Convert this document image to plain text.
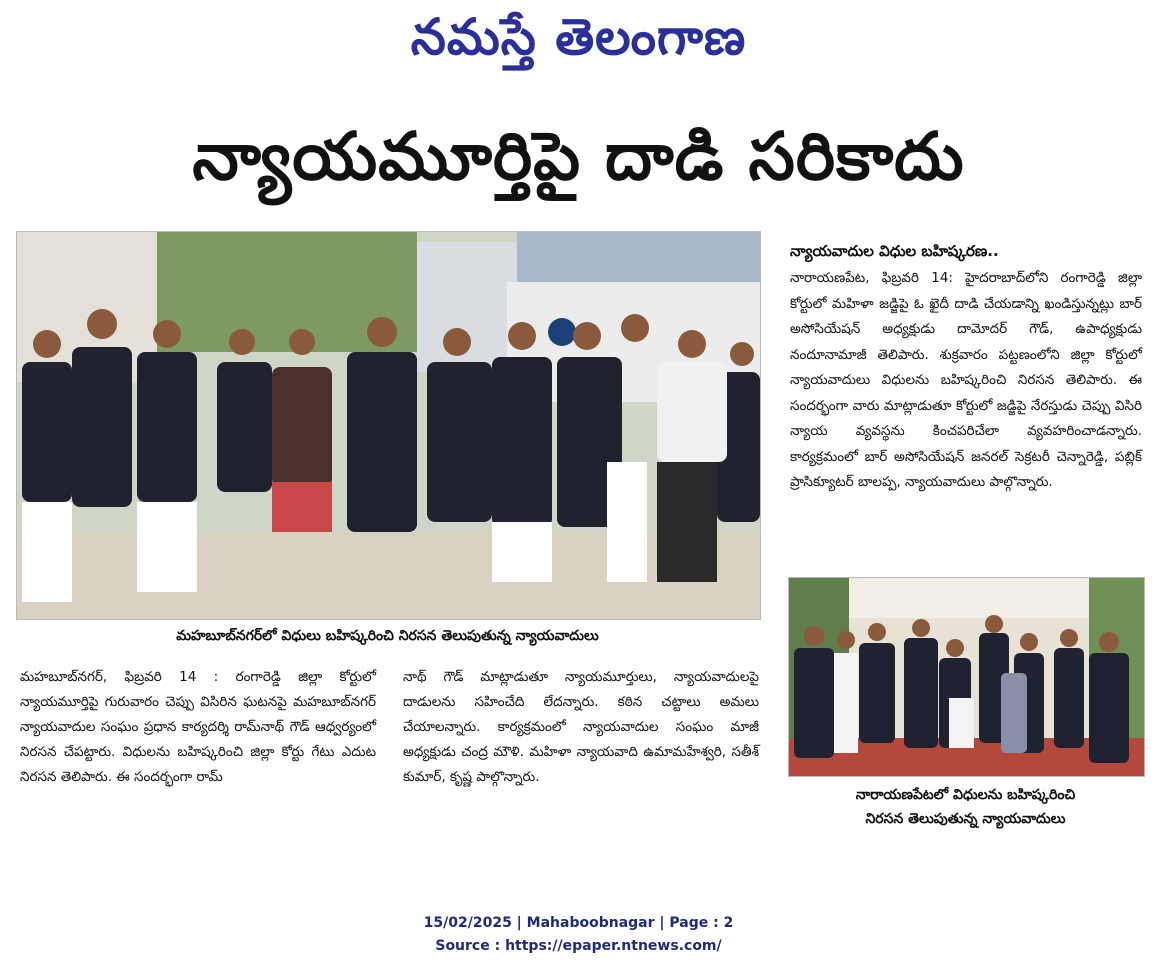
నమస్తే తెలంగాణ
న్యాయమూర్తిపై దాడి సరికాదు
మహబూబ్‌నగర్‌లో విధులు బహిష్కరించి నిరసన తెలుపుతున్న న్యాయవాదులు
మహబూబ్‌నగర్‌, ఫిబ్రవరి 14 : రంగారెడ్డి జిల్లా కోర్టులో న్యాయమూర్తిపై గురువారం చెప్పు విసిరిన ఘటనపై మహబూబ్‌నగర్‌ న్యాయవాదుల సంఘం ప్రధాన కార్యదర్శి రామ్‌నాథ్‌ గౌడ్‌ ఆధ్వర్యంలో నిరసన చేపట్టారు. విధులను బహిష్కరించి జిల్లా కోర్టు గేటు ఎదుట నిరసన తెలిపారు. ఈ సందర్భంగా రామ్‌
నాథ్‌ గౌడ్‌ మాట్లాడుతూ న్యాయమూర్తులు, న్యాయవాదులపై దాడులను సహించేది లేదన్నారు. కఠిన చట్టాలు అమలు చేయాలన్నారు. కార్యక్రమంలో న్యాయవాదుల సంఘం మాజీ అధ్యక్షుడు చంద్ర మౌళి. మహిళా న్యాయవాది ఉమామహేశ్వరి, సతీశ్‌ కుమార్‌, కృష్ణ పాల్గొన్నారు.
న్యాయవాదుల విధుల బహిష్కరణ..
నారాయణపేట, ఫిబ్రవరి 14: హైదరాబాద్‌లోని రంగారెడ్డి జిల్లా కోర్టులో మహిళా జడ్జిపై ఓ ఖైదీ దాడి చేయడాన్ని ఖండిస్తున్నట్లు బార్‌ అసోసియేషన్‌ అధ్యక్షుడు దామోదర్‌ గౌడ్‌, ఉపాధ్యక్షుడు నందూనామాజీ తెలిపారు. శుక్రవారం పట్టణంలోని జిల్లా కోర్టులో న్యాయవాదులు విధులను బహిష్కరించి నిరసన తెలిపారు. ఈ సందర్భంగా వారు మాట్లాడుతూ కోర్టులో జడ్జిపై నేరస్తుడు చెప్పు విసిరి న్యాయ వ్యవస్థను కించపరిచేలా వ్యవహరించాడన్నారు. కార్యక్రమంలో బార్‌ అసోసియేషన్‌ జనరల్‌ సెక్రటరీ చెన్నారెడ్డి, పబ్లిక్‌ ప్రాసిక్యూటర్‌ బాలప్ప, న్యాయవాదులు పాల్గొన్నారు.
నారాయణపేటలో విధులను బహిష్కరించి
నిరసన తెలుపుతున్న న్యాయవాదులు
15/02/2025 | Mahaboobnagar | Page : 2
Source : https://epaper.ntnews.com/
